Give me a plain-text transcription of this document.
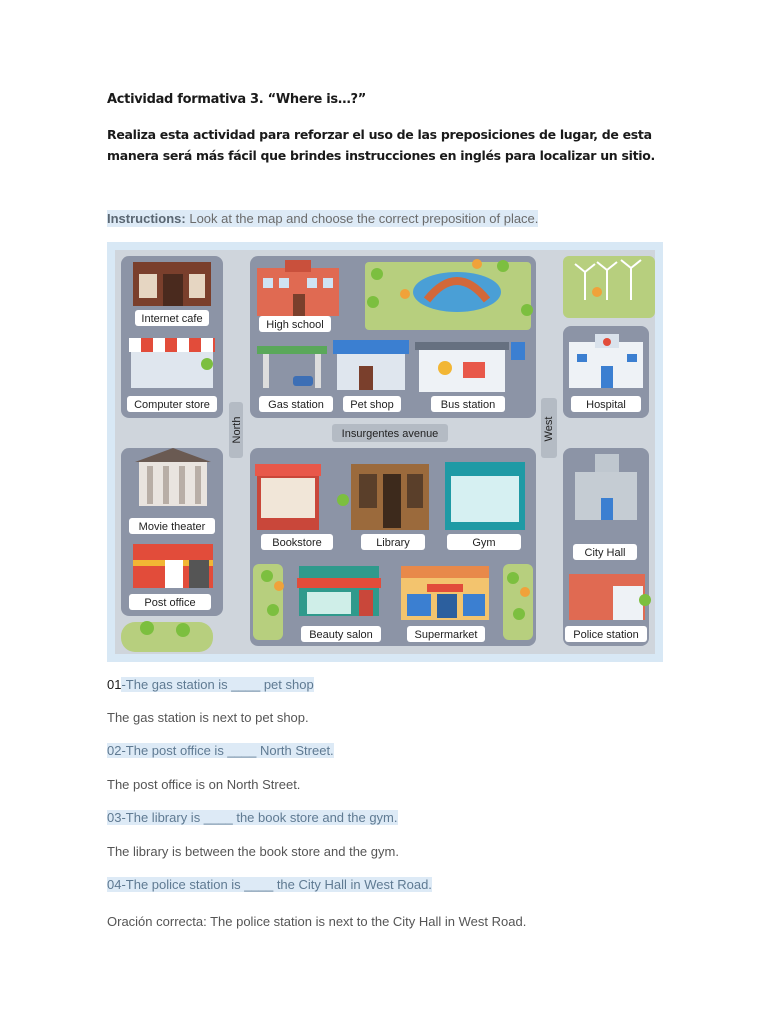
Actividad formativa 3. “Where is…?”
Realiza esta actividad para reforzar el uso de las preposiciones de lugar, de esta manera será más fácil que brindes instrucciones en inglés para localizar un sitio.
Instructions: Look at the map and choose the correct preposition of place.
North	West
Insurgentes avenue
Internet cafe
Computer store
High school
Gas station Pet shop	Bus station	Hospital
Movie theater
Post office
Bookstore	Library	Gym
Beauty salon	Supermarket
City Hall
Police station
01-The gas station is ____ pet shop
The gas station is next to pet shop.
02-The post office is ____ North Street.
The post office is on North Street.
03-The library is ____ the book store and the gym.
The library is between the book store and the gym.
04-The police station is ____ the City Hall in West Road.
Oración correcta: The police station is next to the City Hall in West Road.
